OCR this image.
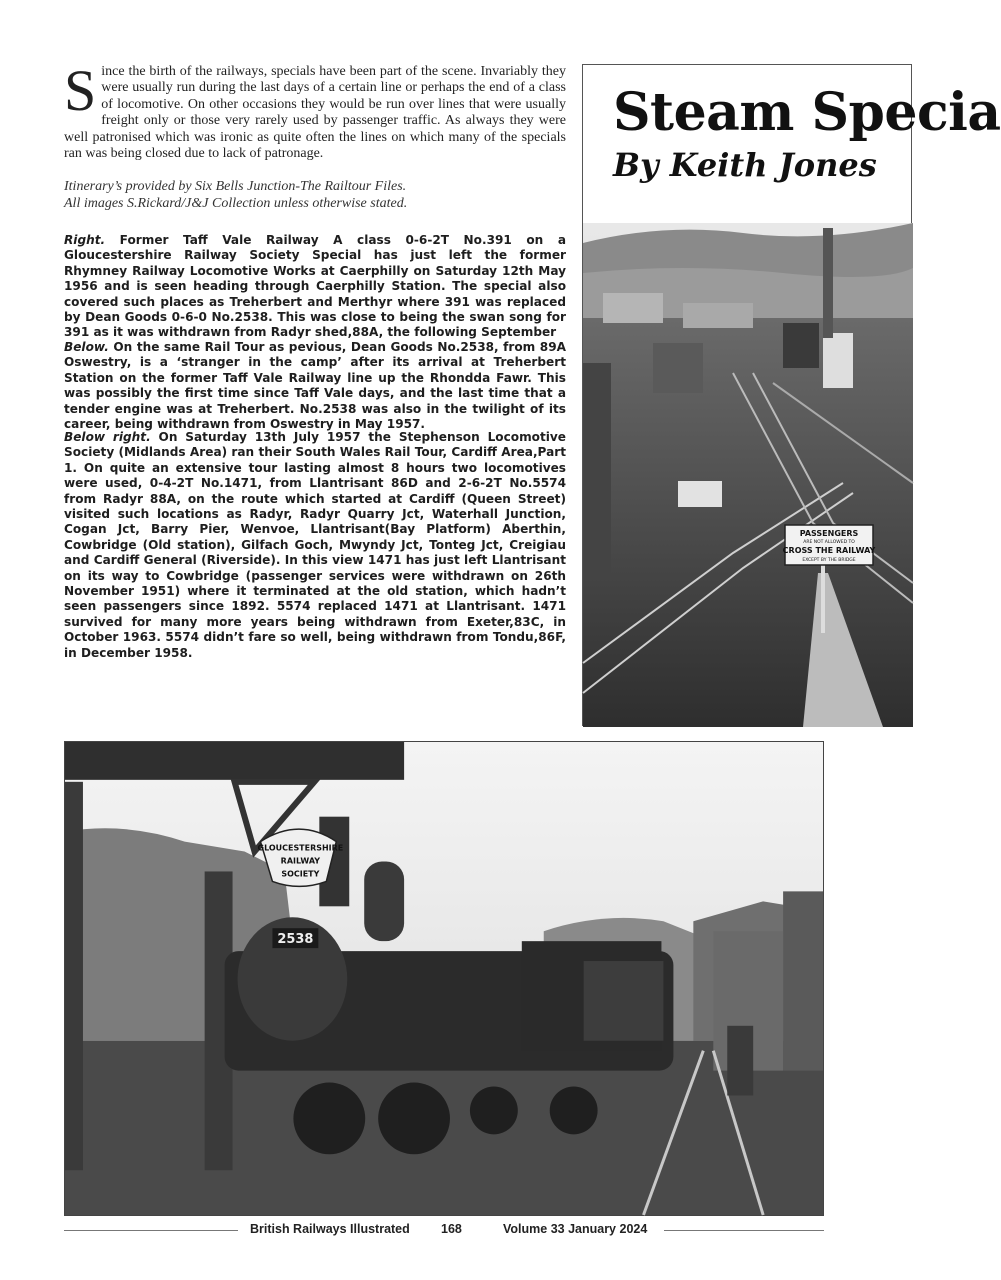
Since the birth of the railways, specials have been part of the scene. Invariably they were usually run during the last days of a certain line or perhaps the end of a class of locomotive. On other occasions they would be run over lines that were usually freight only or those very rarely used by passenger traffic. As always they were well patronised which was ironic as quite often the lines on which many of the specials ran was being closed due to lack of patronage.
Itinerary’s provided by Six Bells Junction-The Railtour Files.
All images S.Rickard/J&J Collection unless otherwise stated.
Right. Former Taff Vale Railway A class 0-6-2T No.391 on a Gloucestershire Railway Society Special has just left the former Rhymney Railway Locomotive Works at Caerphilly on Saturday 12th May 1956 and is seen heading through Caerphilly Station. The special also covered such places as Treherbert and Merthyr where 391 was replaced by Dean Goods 0-6-0 No.2538. This was close to being the swan song for 391 as it was withdrawn from Radyr shed,88A, the following September
Below. On the same Rail Tour as pevious, Dean Goods No.2538, from 89A Oswestry, is a ‘stranger in the camp’ after its arrival at Treherbert Station on the former Taff Vale Railway line up the Rhondda Fawr. This was possibly the first time since Taff Vale days, and the last time that a tender engine was at Treherbert. No.2538 was also in the twilight of its career, being withdrawn from Oswestry in May 1957.
Below right. On Saturday 13th July 1957 the Stephenson Locomotive Society (Midlands Area) ran their South Wales Rail Tour, Cardiff Area,Part 1. On quite an extensive tour lasting almost 8 hours two locomotives were used, 0-4-2T No.1471, from Llantrisant 86D and 2-6-2T No.5574 from Radyr 88A, on the route which started at Cardiff (Queen Street) visited such locations as Radyr, Radyr Quarry Jct, Waterhall Junction, Cogan Jct, Barry Pier, Wenvoe, Llantrisant(Bay Platform) Aberthin, Cowbridge (Old station), Gilfach Goch, Mwyndy Jct, Tonteg Jct, Creigiau and Cardiff General (Riverside). In this view 1471 has just left Llantrisant on its way to Cowbridge (passenger services were withdrawn on 26th November 1951) where it terminated at the old station, which hadn’t seen passengers since 1892. 5574 replaced 1471 at Llantrisant. 1471 survived for many more years being withdrawn from Exeter,83C, in October 1963. 5574 didn’t fare so well, being withdrawn from Tondu,86F, in December 1958.
Steam Specia
By Keith Jones
PASSENGERS
ARE NOT ALLOWED TO
CROSS THE RAILWAY
EXCEPT BY THE BRIDGE
GLOUCESTERSHIRE
RAILWAY
SOCIETY
2538
British Railways Illustrated 168	Volume 33 January 2024
